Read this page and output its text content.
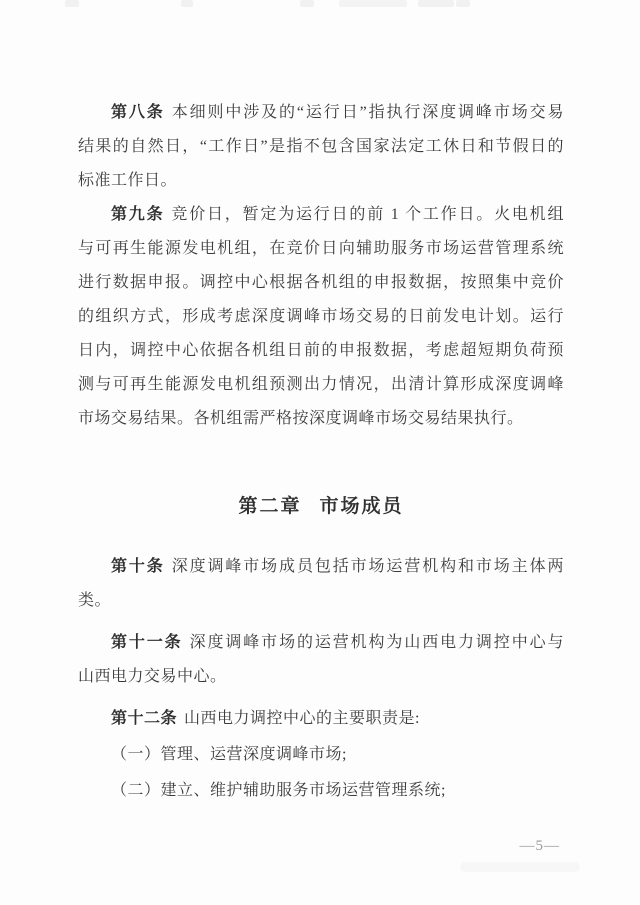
第八条 本细则中涉及的“运行日”指执行深度调峰市场交易
结果的自然日，“工作日”是指不包含国家法定工休日和节假日的
标准工作日。
第九条 竞价日，暂定为运行日的前 1 个工作日。火电机组
与可再生能源发电机组，在竞价日向辅助服务市场运营管理系统
进行数据申报。调控中心根据各机组的申报数据，按照集中竞价
的组织方式，形成考虑深度调峰市场交易的日前发电计划。运行
日内，调控中心依据各机组日前的申报数据，考虑超短期负荷预
测与可再生能源发电机组预测出力情况，出清计算形成深度调峰
市场交易结果。各机组需严格按深度调峰市场交易结果执行。
第二章 市场成员
第十条 深度调峰市场成员包括市场运营机构和市场主体两
类。
第十一条 深度调峰市场的运营机构为山西电力调控中心与
山西电力交易中心。
第十二条 山西电力调控中心的主要职责是:
（一）管理、运营深度调峰市场;
（二）建立、维护辅助服务市场运营管理系统;
—5—
